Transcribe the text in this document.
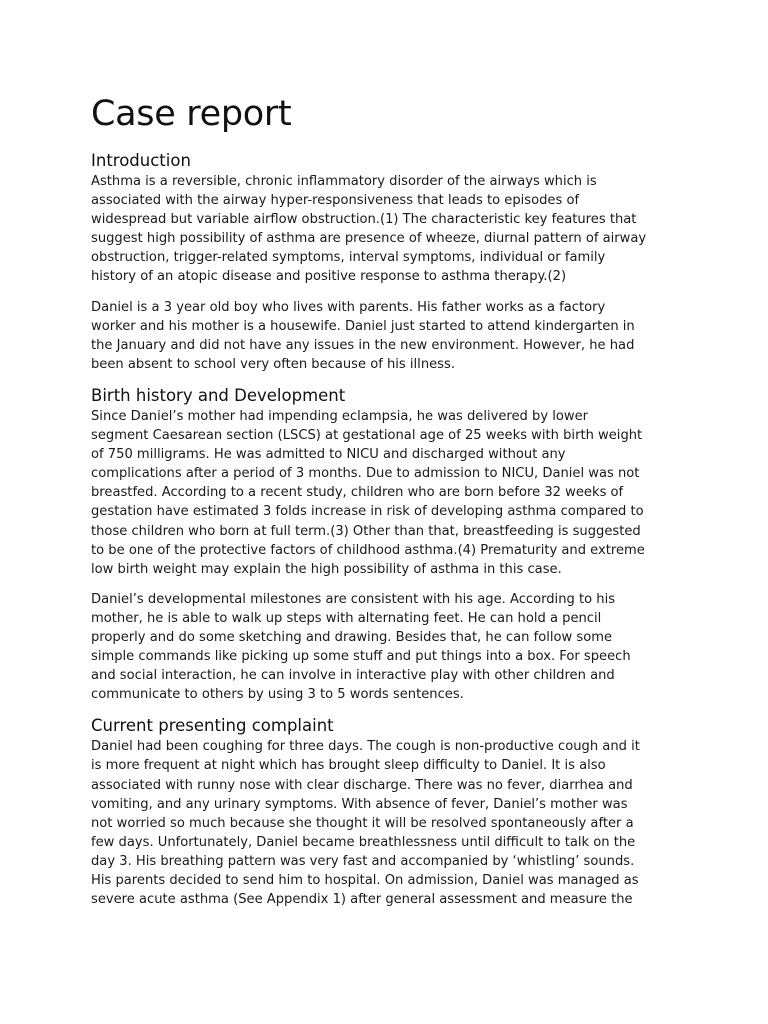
Case report
Introduction

Asthma is a reversible, chronic inflammatory disorder of the airways which is
associated with the airway hyper-responsiveness that leads to episodes of
widespread but variable airflow obstruction.(1) The characteristic key features that
suggest high possibility of asthma are presence of wheeze, diurnal pattern of airway
obstruction, trigger-related symptoms, interval symptoms, individual or family
history of an atopic disease and positive response to asthma therapy.(2)

Daniel is a 3 year old boy who lives with parents. His father works as a factory
worker and his mother is a housewife. Daniel just started to attend kindergarten in
the January and did not have any issues in the new environment. However, he had
been absent to school very often because of his illness.

Birth history and Development

Since Daniel’s mother had impending eclampsia, he was delivered by lower
segment Caesarean section (LSCS) at gestational age of 25 weeks with birth weight
of 750 milligrams. He was admitted to NICU and discharged without any
complications after a period of 3 months. Due to admission to NICU, Daniel was not
breastfed. According to a recent study, children who are born before 32 weeks of
gestation have estimated 3 folds increase in risk of developing asthma compared to
those children who born at full term.(3) Other than that, breastfeeding is suggested
to be one of the protective factors of childhood asthma.(4) Prematurity and extreme
low birth weight may explain the high possibility of asthma in this case.

Daniel’s developmental milestones are consistent with his age. According to his
mother, he is able to walk up steps with alternating feet. He can hold a pencil
properly and do some sketching and drawing. Besides that, he can follow some
simple commands like picking up some stuff and put things into a box. For speech
and social interaction, he can involve in interactive play with other children and
communicate to others by using 3 to 5 words sentences.

Current presenting complaint

Daniel had been coughing for three days. The cough is non-productive cough and it
is more frequent at night which has brought sleep difficulty to Daniel. It is also
associated with runny nose with clear discharge. There was no fever, diarrhea and
vomiting, and any urinary symptoms. With absence of fever, Daniel’s mother was
not worried so much because she thought it will be resolved spontaneously after a
few days. Unfortunately, Daniel became breathlessness until difficult to talk on the
day 3. His breathing pattern was very fast and accompanied by ‘whistling’ sounds.
His parents decided to send him to hospital. On admission, Daniel was managed as
severe acute asthma (See Appendix 1) after general assessment and measure the
